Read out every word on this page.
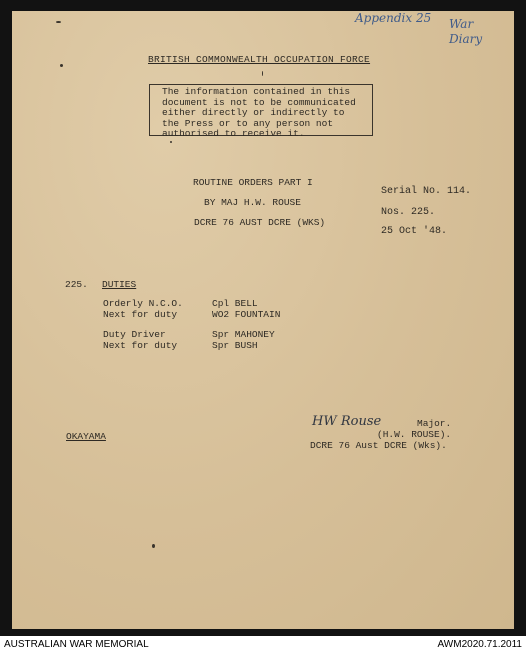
Appendix 25 War
Diary
BRITISH COMMONWEALTH OCCUPATION FORCE
The information contained in this
document is not to be communicated
either directly or indirectly to
the Press or to any person not
authorised to receive it.
ROUTINE ORDERS PART I
BY MAJ H.W. ROUSE
DCRE 76 AUST DCRE (WKS)
Serial No. 114.
Nos. 225.
25 Oct '48.
225. DUTIES
Orderly N.C.O.	Cpl BELL
Next for duty	WO2 FOUNTAIN
Duty Driver	Spr MAHONEY
Next for duty	Spr BUSH
OKAYAMA
HW Rouse	Major.
(H.W. ROUSE).
DCRE 76 Aust DCRE (Wks).
AUSTRALIAN WAR MEMORIAL	AWM2020.71.2011
